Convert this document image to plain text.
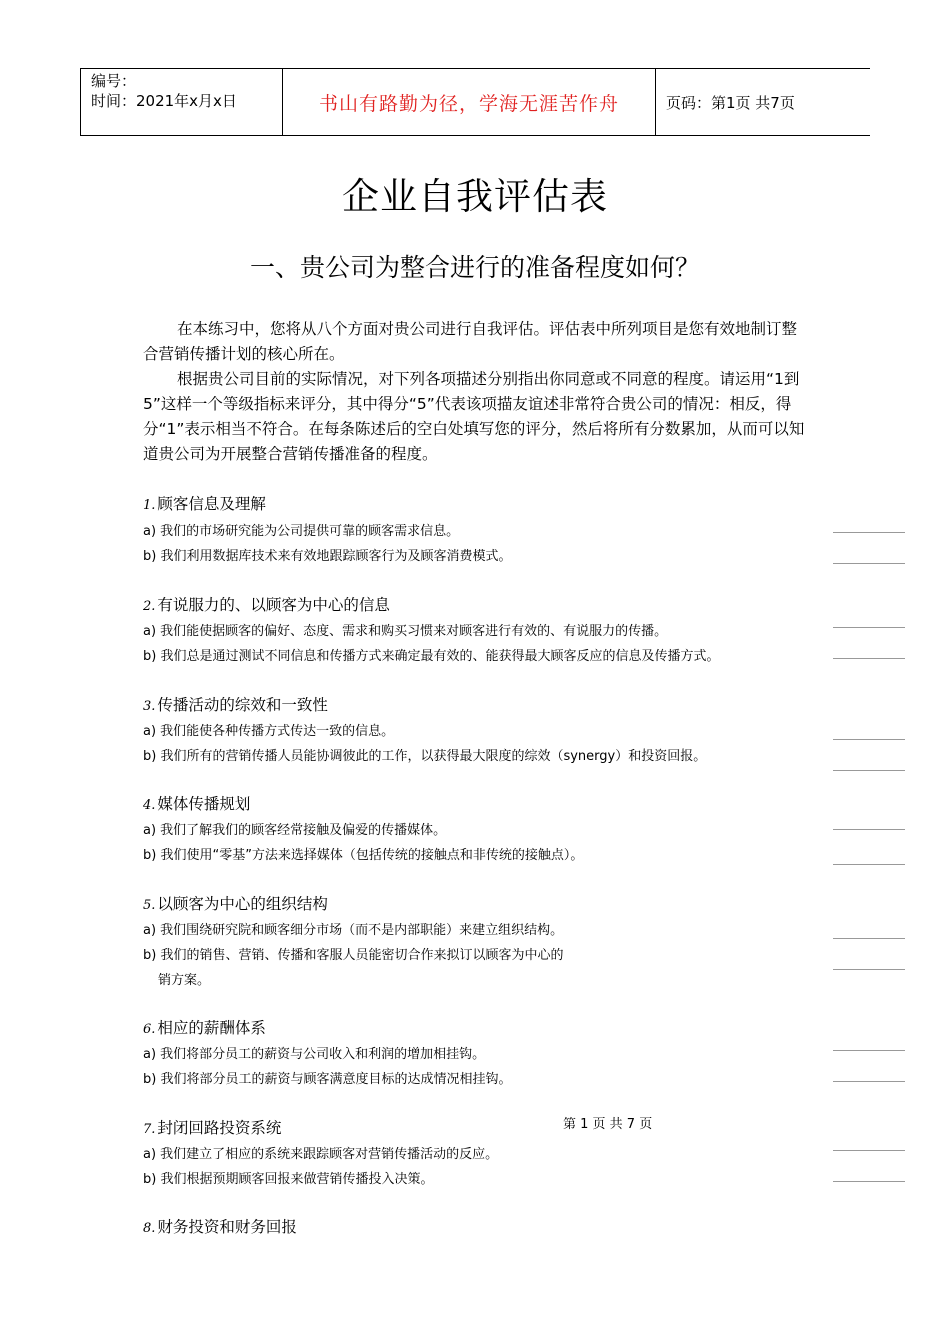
编号：
时间：2021年x月x日	书山有路勤为径，学海无涯苦作舟	页码：第1页 共7页
企业自我评估表
一、贵公司为整合进行的准备程度如何？
在本练习中，您将从八个方面对贵公司进行自我评估。评估表中所列项目是您有效地制订整合营销传播计划的核心所在。
根据贵公司目前的实际情况，对下列各项描述分别指出你同意或不同意的程度。请运用“1到5”这样一个等级指标来评分，其中得分“5”代表该项描友谊述非常符合贵公司的情况：相反，得分“1”表示相当不符合。在每条陈述后的空白处填写您的评分，然后将所有分数累加，从而可以知道贵公司为开展整合营销传播准备的程度。
1. 顾客信息及理解
a) 我们的市场研究能为公司提供可靠的顾客需求信息。
b) 我们利用数据库技术来有效地跟踪顾客行为及顾客消费模式。
2. 有说服力的、以顾客为中心的信息
a) 我们能使据顾客的偏好、态度、需求和购买习惯来对顾客进行有效的、有说服力的传播。
b) 我们总是通过测试不同信息和传播方式来确定最有效的、能获得最大顾客反应的信息及传播方式。
3. 传播活动的综效和一致性
a) 我们能使各种传播方式传达一致的信息。
b) 我们所有的营销传播人员能协调彼此的工作，以获得最大限度的综效（synergy）和投资回报。
4. 媒体传播规划
a) 我们了解我们的顾客经常接触及偏爱的传播媒体。
b) 我们使用“零基”方法来选择媒体（包括传统的接触点和非传统的接触点）。
5. 以顾客为中心的组织结构
a) 我们围绕研究院和顾客细分市场（而不是内部职能）来建立组织结构。
b) 我们的销售、营销、传播和客服人员能密切合作来拟订以顾客为中心的
销方案。
6. 相应的薪酬体系
a) 我们将部分员工的薪资与公司收入和利润的增加相挂钩。
b) 我们将部分员工的薪资与顾客满意度目标的达成情况相挂钩。
7. 封闭回路投资系统	第 1 页 共 7 页
a) 我们建立了相应的系统来跟踪顾客对营销传播活动的反应。
b) 我们根据预期顾客回报来做营销传播投入决策。
8. 财务投资和财务回报
